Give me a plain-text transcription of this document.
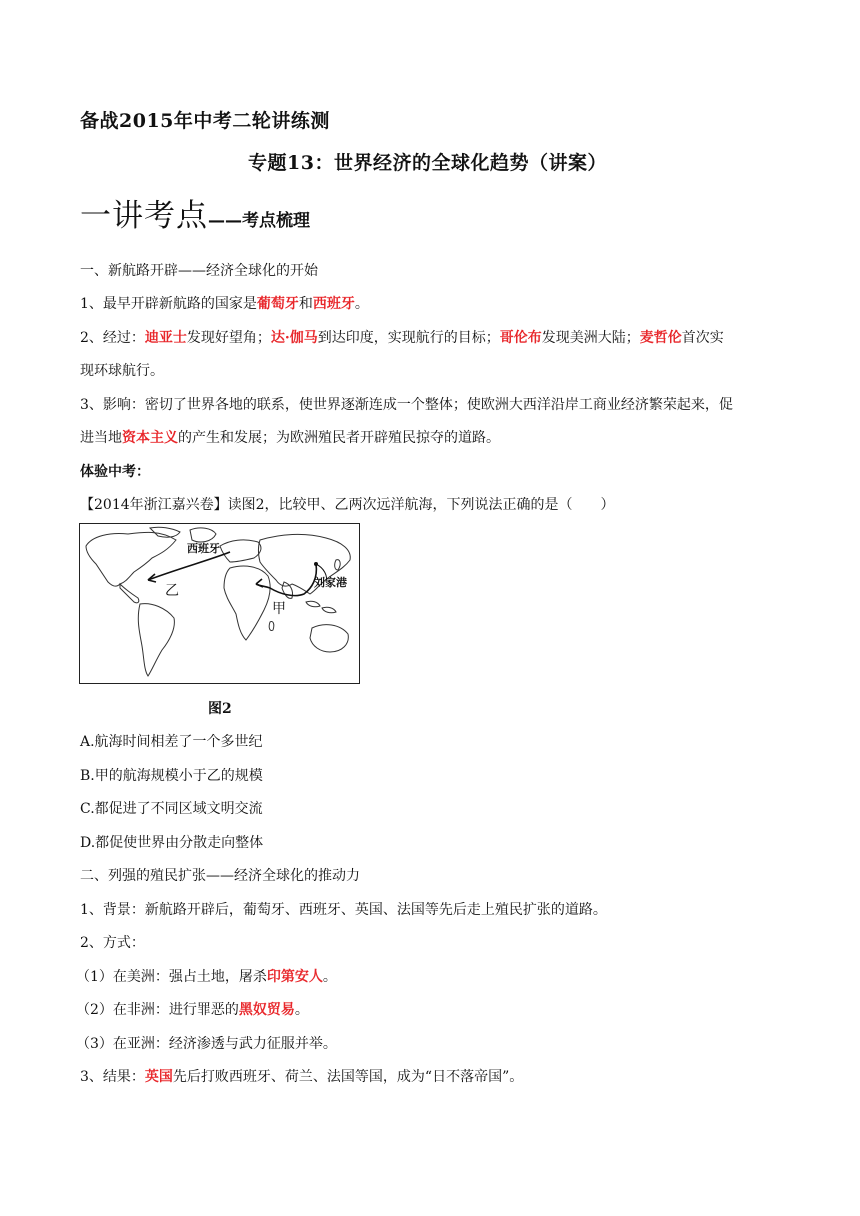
备战2015年中考二轮讲练测
专题13：世界经济的全球化趋势（讲案）
一讲考点——考点梳理
一、新航路开辟——经济全球化的开始
1、最早开辟新航路的国家是葡萄牙和西班牙。
2、经过：迪亚士发现好望角；达·伽马到达印度，实现航行的目标；哥伦布发现美洲大陆；麦哲伦首次实
现环球航行。
3、影响：密切了世界各地的联系，使世界逐渐连成一个整体；使欧洲大西洋沿岸工商业经济繁荣起来，促
进当地资本主义的产生和发展；为欧洲殖民者开辟殖民掠夺的道路。
体验中考：
【2014年浙江嘉兴卷】读图2，比较甲、乙两次远洋航海，下列说法正确的是（　　）
西班牙
乙
甲
刘家港
图2
A.航海时间相差了一个多世纪
B.甲的航海规模小于乙的规模
C.都促进了不同区域文明交流
D.都促使世界由分散走向整体
二、列强的殖民扩张——经济全球化的推动力
1、背景：新航路开辟后，葡萄牙、西班牙、英国、法国等先后走上殖民扩张的道路。
2、方式：
（1）在美洲：强占土地，屠杀印第安人。
（2）在非洲：进行罪恶的黑奴贸易。
（3）在亚洲：经济渗透与武力征服并举。
3、结果：英国先后打败西班牙、荷兰、法国等国，成为“日不落帝国”。
